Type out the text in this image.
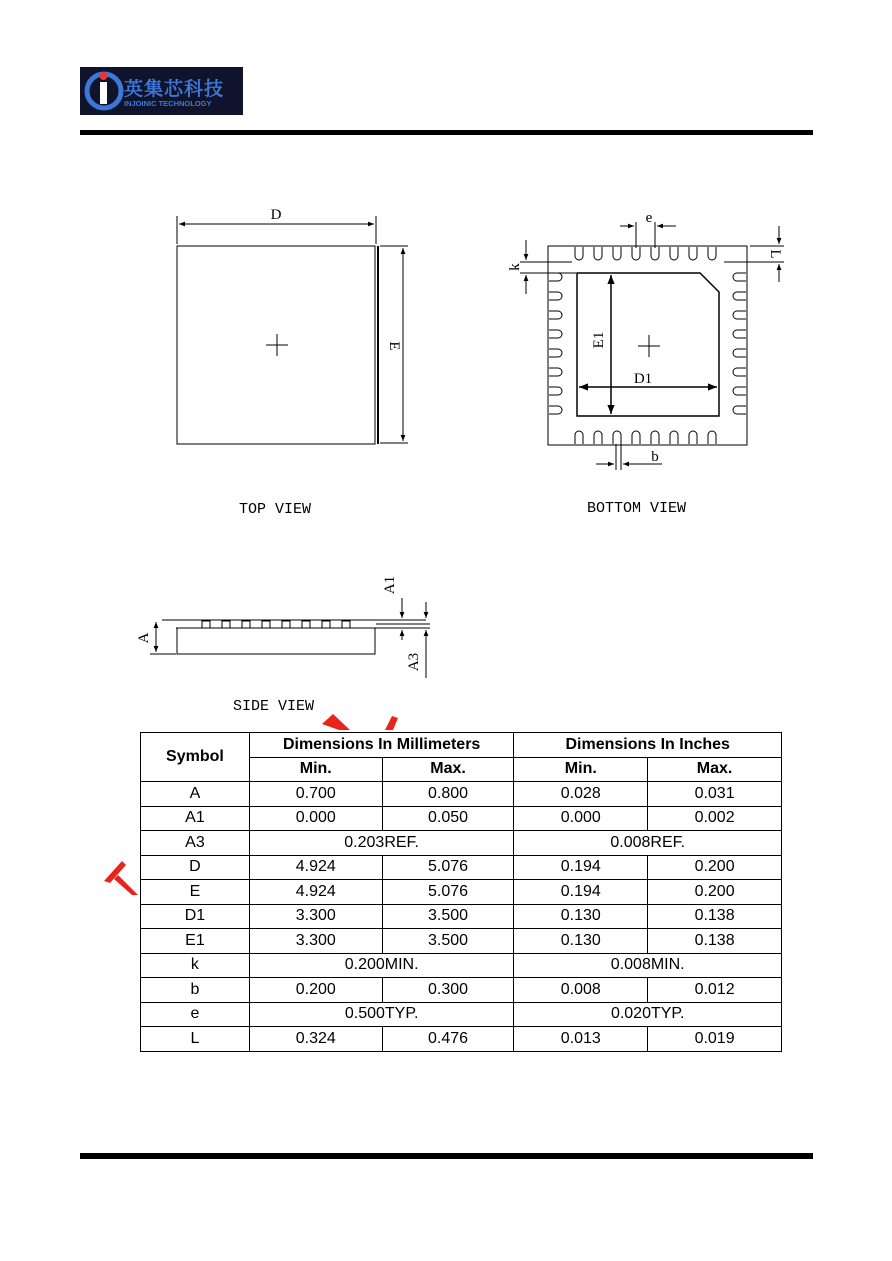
英集芯科技
INJOINIC TECHNOLOGY
D
E
e
L
k
E1
D1
b
A
A1
A3
TOP VIEW	BOTTOM VIEW
SIDE VIEW
Symbol	Dimensions In Millimeters		Dimensions In Inches	
	Min.	Max.	Min.	Max.
A	0.700	0.800	0.028	0.031
A1	0.000	0.050	0.000	0.002
A3	0.203REF.		0.008REF.	
D	4.924	5.076	0.194	0.200
E	4.924	5.076	0.194	0.200
D1	3.300	3.500	0.130	0.138
E1	3.300	3.500	0.130	0.138
k	0.200MIN.		0.008MIN.	
b	0.200	0.300	0.008	0.012
e	0.500TYP.		0.020TYP.	
L	0.324	0.476	0.013	0.019
